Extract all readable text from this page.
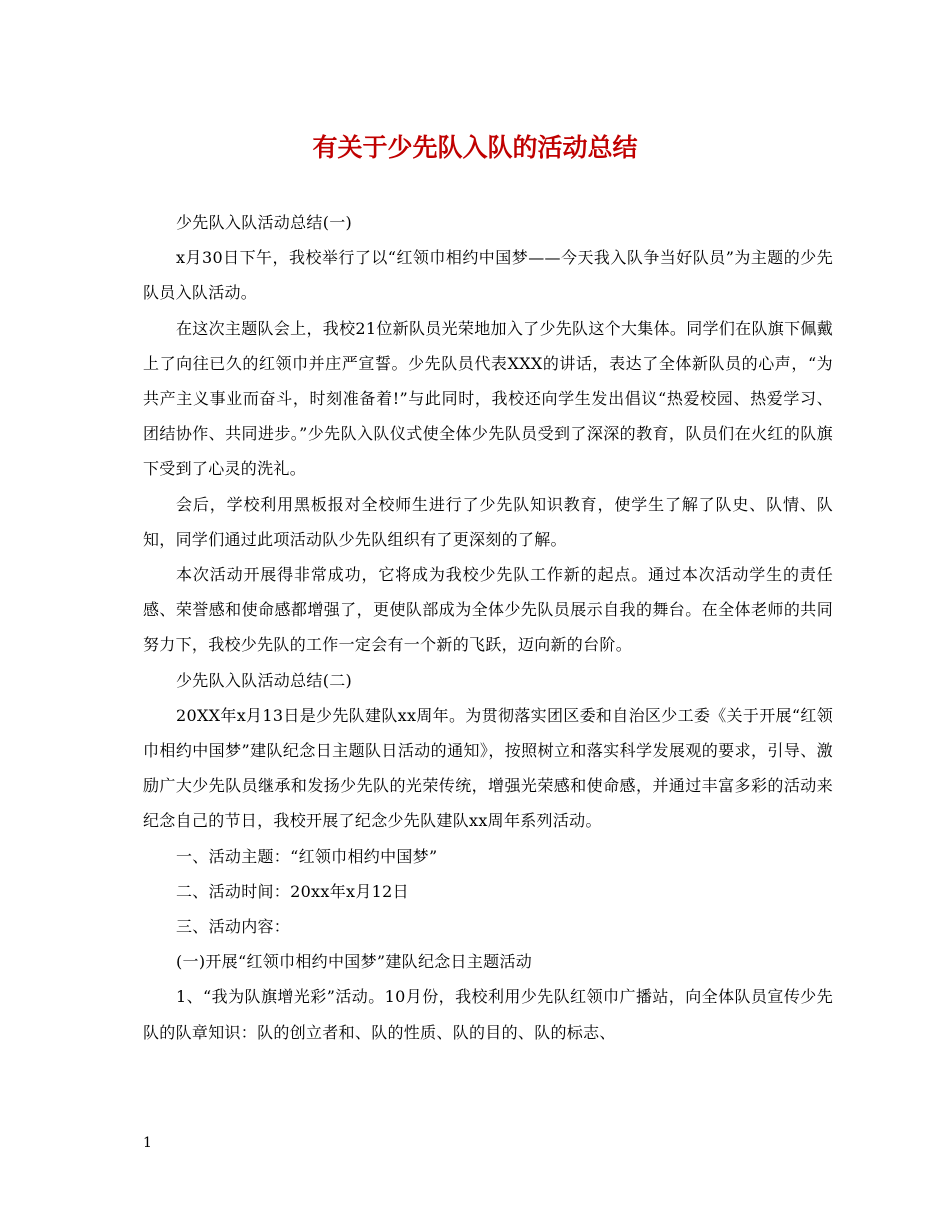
有关于少先队入队的活动总结

少先队入队活动总结(一)

x月30日下午，我校举行了以“红领巾相约中国梦——今天我入队争当好队员”为主题的少先队员入队活动。

在这次主题队会上，我校21位新队员光荣地加入了少先队这个大集体。同学们在队旗下佩戴上了向往已久的红领巾并庄严宣誓。少先队员代表XXX的讲话，表达了全体新队员的心声，“为共产主义事业而奋斗，时刻准备着!”与此同时，我校还向学生发出倡议“热爱校园、热爱学习、团结协作、共同进步。”少先队入队仪式使全体少先队员受到了深深的教育，队员们在火红的队旗下受到了心灵的洗礼。

会后，学校利用黑板报对全校师生进行了少先队知识教育，使学生了解了队史、队情、队知，同学们通过此项活动队少先队组织有了更深刻的了解。

本次活动开展得非常成功，它将成为我校少先队工作新的起点。通过本次活动学生的责任感、荣誉感和使命感都增强了，更使队部成为全体少先队员展示自我的舞台。在全体老师的共同努力下，我校少先队的工作一定会有一个新的飞跃，迈向新的台阶。

少先队入队活动总结(二)

20XX年x月13日是少先队建队xx周年。为贯彻落实团区委和自治区少工委《关于开展“红领巾相约中国梦”建队纪念日主题队日活动的通知》，按照树立和落实科学发展观的要求，引导、激励广大少先队员继承和发扬少先队的光荣传统，增强光荣感和使命感，并通过丰富多彩的活动来纪念自己的节日，我校开展了纪念少先队建队xx周年系列活动。

一、活动主题：“红领巾相约中国梦”

二、活动时间：20xx年x月12日

三、活动内容：

(一)开展“红领巾相约中国梦”建队纪念日主题活动

1、“我为队旗增光彩”活动。10月份，我校利用少先队红领巾广播站，向全体队员宣传少先队的队章知识：队的创立者和、队的性质、队的目的、队的标志、

1
